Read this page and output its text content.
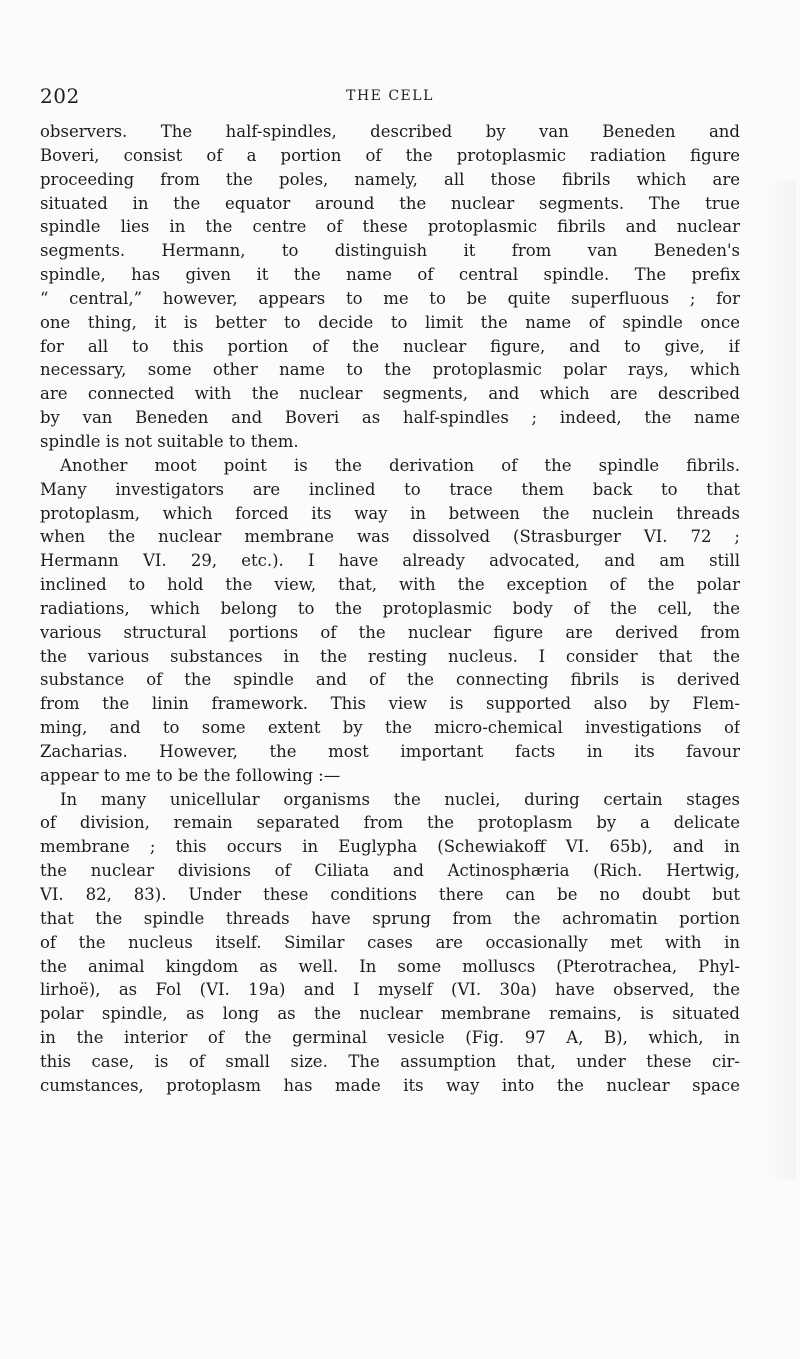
202	THE CELL
observers. The half-spindles, described by van Beneden and
Boveri, consist of a portion of the protoplasmic radiation figure
proceeding from the poles, namely, all those fibrils which are
situated in the equator around the nuclear segments. The true
spindle lies in the centre of these protoplasmic fibrils and nuclear
segments. Hermann, to distinguish it from van Beneden's
spindle, has given it the name of central spindle. The prefix
“ central,” however, appears to me to be quite superfluous ; for
one thing, it is better to decide to limit the name of spindle once
for all to this portion of the nuclear figure, and to give, if
necessary, some other name to the protoplasmic polar rays, which
are connected with the nuclear segments, and which are described
by van Beneden and Boveri as half-spindles ; indeed, the name
spindle is not suitable to them.
Another moot point is the derivation of the spindle fibrils.
Many investigators are inclined to trace them back to that
protoplasm, which forced its way in between the nuclein threads
when the nuclear membrane was dissolved (Strasburger VI. 72 ;
Hermann VI. 29, etc.). I have already advocated, and am still
inclined to hold the view, that, with the exception of the polar
radiations, which belong to the protoplasmic body of the cell, the
various structural portions of the nuclear figure are derived from
the various substances in the resting nucleus. I consider that the
substance of the spindle and of the connecting fibrils is derived
from the linin framework. This view is supported also by Flem-
ming, and to some extent by the micro-chemical investigations of
Zacharias. However, the most important facts in its favour
appear to me to be the following :—
In many unicellular organisms the nuclei, during certain stages
of division, remain separated from the protoplasm by a delicate
membrane ; this occurs in Euglypha (Schewiakoff VI. 65b), and in
the nuclear divisions of Ciliata and Actinosphæria (Rich. Hertwig,
VI. 82, 83). Under these conditions there can be no doubt but
that the spindle threads have sprung from the achromatin portion
of the nucleus itself. Similar cases are occasionally met with in
the animal kingdom as well. In some molluscs (Pterotrachea, Phyl-
lirhoë), as Fol (VI. 19a) and I myself (VI. 30a) have observed, the
polar spindle, as long as the nuclear membrane remains, is situated
in the interior of the germinal vesicle (Fig. 97 A, B), which, in
this case, is of small size. The assumption that, under these cir-
cumstances, protoplasm has made its way into the nuclear space
